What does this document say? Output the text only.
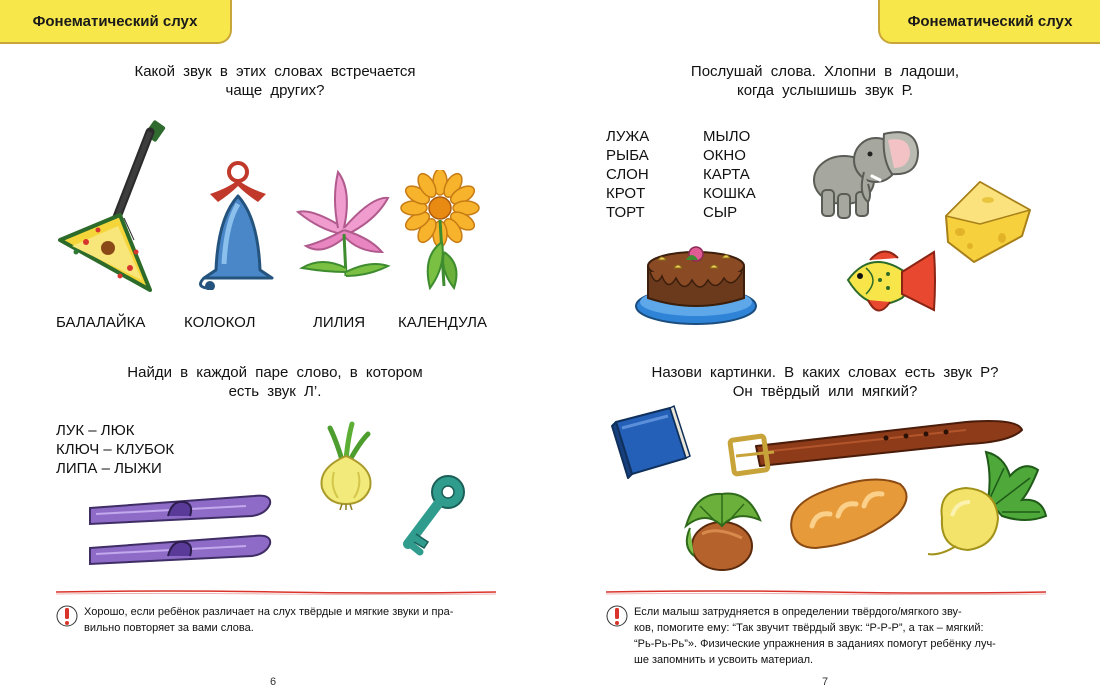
Фонематический слух
Какой звук в этих словах встречается
чаще других?
БАЛАЛАЙКА	КОЛОКОЛ	ЛИЛИЯ КАЛЕНДУЛА
Найди в каждой паре слово, в котором
есть звук Л’.
ЛУК – ЛЮК
КЛЮЧ – КЛУБОК
ЛИПА – ЛЫЖИ
Хорошо, если ребёнок различает на слух твёрдые и мягкие звуки и пра-
вильно повторяет за вами слова.
6
Фонематический слух
Послушай слова. Хлопни в ладоши,
когда услышишь звук Р.
ЛУЖА
РЫБА
СЛОН
КРОТ
ТОРТ
МЫЛО
ОКНО
КАРТА
КОШКА
СЫР
Назови картинки. В каких словах есть звук Р?
Он твёрдый или мягкий?
Если малыш затрудняется в определении твёрдого/мягкого зву-
ков, помогите ему: “Так звучит твёрдый звук: “Р-Р-Р”, а так – мягкий:
“Рь-Рь-Рь”». Физические упражнения в заданиях помогут ребёнку луч-
ше запомнить и усвоить материал.
7
